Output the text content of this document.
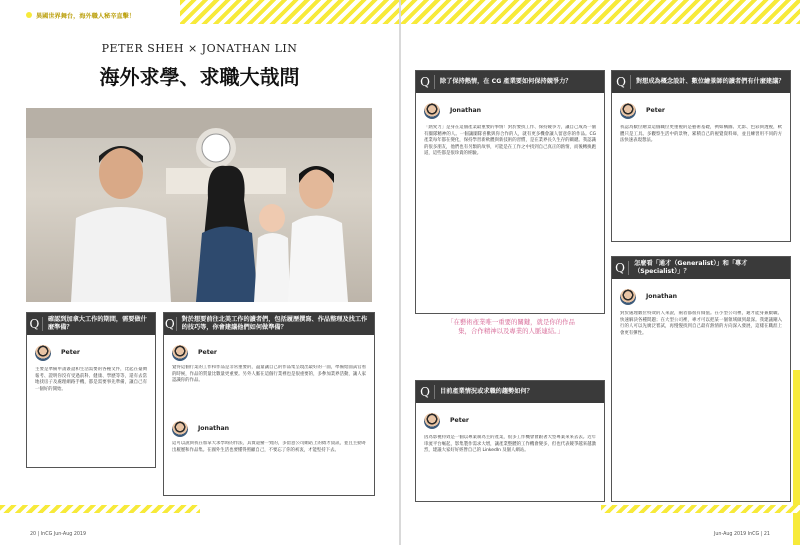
異國世界舞台，海外職人秘辛直擊！
PETER SHEH × JONATHAN LIN
海外求學、求職大哉問
Q	確認到加拿大工作的期間，需要做什麼準備？
Peter
主要是準備申請簽證和生活需要的各種文件，比起在臺灣報考、證明你沒有受過前科、健康、學歷等等，還有去當地找房子及處理網路手機，都是需要事先準備，讓自己有一個好的開始。
Q	對於想要前往北美工作的讀者們，包括履歷撰寫、作品整理及找工作的技巧等，你會建議他們如何做準備？
Peter
覺得這個行業的工作和作品是非常重要的，盡量讓自己的作品集呈現出最好的一面，準備給面試官看的時候，作品的質量比數量更重要。另外人脈在這個行業裡也是很重要的，多參加業界活動，讓人家認識你的作品。
Jonathan
這可以說與我在加拿大求學時的作法，其實還蠻一致的，多留意公司網站上的徵才資訊，並且主動寄出履歷和作品集。在國外生活也要懂得照顧自己，不要忘了你的初衷，才能堅持下去。
20 | InCG Jun-Aug 2019
Q	除了保持熱情，在 CG 產業要如何保持競爭力？
Jonathan
「熱愛力」是身在這個產業最重要的事情！對於要找工作、保持競爭力，讓自己成為一個有團隊精神的人。一個讓團隊喜歡與你合作的人，就有更多機會讓人留意你的作品。CG 產業每年都在變化，保持學習新軟體與新技術的習慣，是在業界長久生存的關鍵。我認識的很多朋友，他們也有另類的故事，可能是在工作之中找到自己真正的熱情，而後轉換跑道，這些都是很珍貴的經驗。
「在藝術產業唯一重要的關鍵，就是你的作品集，合作精神以及專業的人脈連結。」
Q	目前產業情況或求職的趨勢如何？
Peter
因為影視特效是一個以專案制為主的產業，很多工作機會會跟著大型專案來來去去。近年串流平台崛起，影集製作需求大增，讓產業整體的工作機會變多，但也代表競爭越來越激烈，建議大家好好經營自己的 LinkedIn 及個人網站。
Q	對想成為概念設計、數位繪景師的讀者們有什麼建議？
Peter
我認為數位繪景這個職位更重視的是藝術基礎，例如構圖、光影、色彩與透視，軟體只是工具。多觀察生活中的景物，累積自己的視覺資料庫，並且練習用不同的方法快速表現想法。
Q	怎麼看「通才（Generalist）」和「專才（Specialist）」？
Jonathan
對於處理數位特效的人來說，兩者都很有價值。在小型公司裡，通才能身兼數職、快速解決各種問題；在大型公司裡，專才可以把某一個領域做到最深。我建議剛入行的人可以先廣泛嘗試，再慢慢找到自己最有熱情的方向深入發展，這樣在職涯上會更有彈性。
Jun-Aug 2019 InCG | 21
